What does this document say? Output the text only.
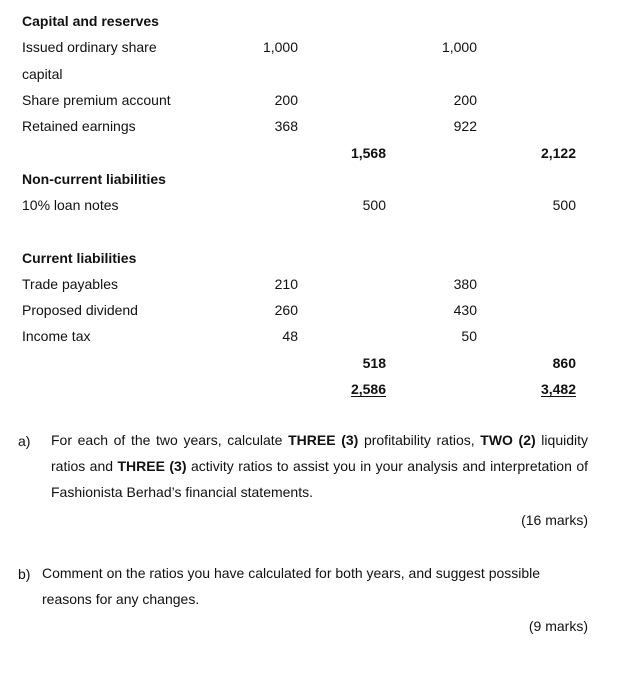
Capital and reserves
Issued ordinary share	1,000	1,000
capital
Share premium account	200	200
Retained earnings	368	922
1,568	2,122
Non-current liabilities
10% loan notes	500	500
Current liabilities
Trade payables	210	380
Proposed dividend	260	430
Income tax	48	50
518	860
2,586	3,482
a) For each of the two years, calculate THREE (3) profitability ratios, TWO (2) liquidity ratios and THREE (3) activity ratios to assist you in your analysis and interpretation of Fashionista Berhad’s financial statements.
(16 marks)
b) Comment on the ratios you have calculated for both years, and suggest possible reasons for any changes.
(9 marks)
